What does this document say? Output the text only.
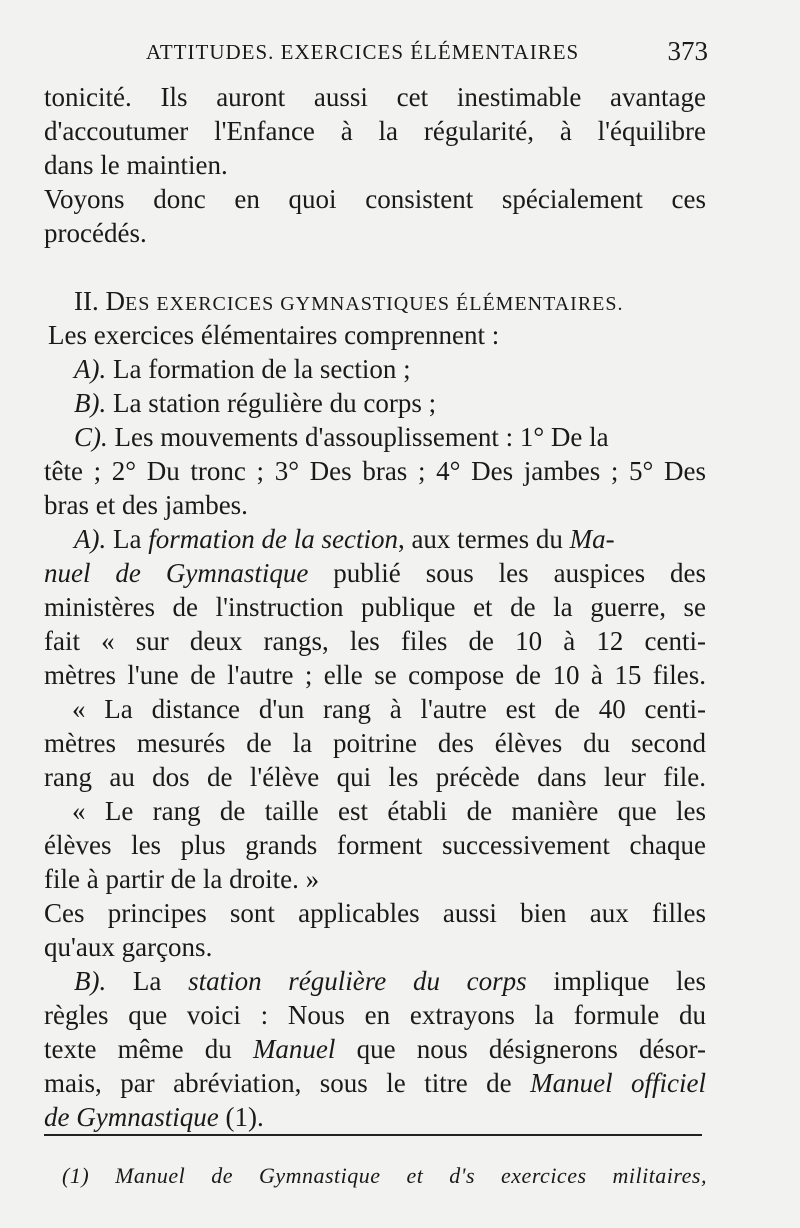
ATTITUDES. EXERCICES ÉLÉMENTAIRES	373
tonicité. Ils auront aussi cet inestimable avantage
d'accoutumer l'Enfance à la régularité, à l'équilibre
dans le maintien.
Voyons donc en quoi consistent spécialement ces
procédés.
II. DES EXERCICES GYMNASTIQUES ÉLÉMENTAIRES.
Les exercices élémentaires comprennent :
A). La formation de la section ;
B). La station régulière du corps ;
C). Les mouvements d'assouplissement : 1° De la
tête ; 2° Du tronc ; 3° Des bras ; 4° Des jambes ; 5° Des
bras et des jambes.
A). La formation de la section, aux termes du Ma-
nuel de Gymnastique publié sous les auspices des
ministères de l'instruction publique et de la guerre, se
fait « sur deux rangs, les files de 10 à 12 centi-
mètres l'une de l'autre ; elle se compose de 10 à 15 files.
« La distance d'un rang à l'autre est de 40 centi-
mètres mesurés de la poitrine des élèves du second
rang au dos de l'élève qui les précède dans leur file.
« Le rang de taille est établi de manière que les
élèves les plus grands forment successivement chaque
file à partir de la droite. »
Ces principes sont applicables aussi bien aux filles
qu'aux garçons.
B). La station régulière du corps implique les
règles que voici : Nous en extrayons la formule du
texte même du Manuel que nous désignerons désor-
mais, par abréviation, sous le titre de Manuel officiel
de Gymnastique (1).
(1) Manuel de Gymnastique et d's exercices militaires,
